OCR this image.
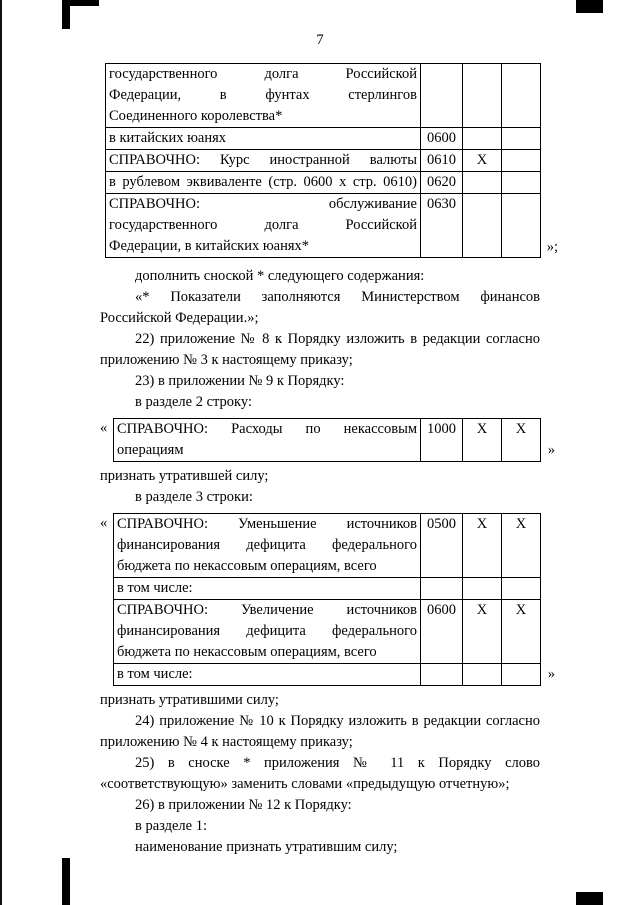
7
государственного долга Российской
Федерации, в фунтах стерлингов
Соединенного королевства*			

в китайских юанях	0600		
СПРАВОЧНО: Курс иностранной валюты	0610	Х	
в рублевом эквиваленте (стр. 0600 х стр. 0610)	0620		

СПРАВОЧНО: обслуживание
государственного долга Российской
Федерации, в китайских юанях*	0630		
»;

дополнить сноской * следующего содержания:

«* Показатели заполняются Министерством финансов Российской Федерации.»;

22) приложение № 8 к Порядку изложить в редакции согласно приложению № 3 к настоящему приказу;

23) в приложении № 9 к Порядку:

в разделе 2 строку:

« СПРАВОЧНО: Расходы по некассовым
операциям
	1000	Х	Х
»

признать утратившей силу;

в разделе 3 строки:

« СПРАВОЧНО: Уменьшение источников
финансирования дефицита федерального
бюджета по некассовым операциям, всего	0500	Х	Х
в том числе:			

СПРАВОЧНО: Увеличение источников
финансирования дефицита федерального
бюджета по некассовым операциям, всего	0600	Х	Х
в том числе:				»

признать утратившими силу;

24) приложение № 10 к Порядку изложить в редакции согласно приложению № 4 к настоящему приказу;

25) в сноске * приложения № 11 к Порядку слово «соответствующую» заменить словами «предыдущую отчетную»;

26) в приложении № 12 к Порядку:

в разделе 1:

наименование признать утратившим силу;
